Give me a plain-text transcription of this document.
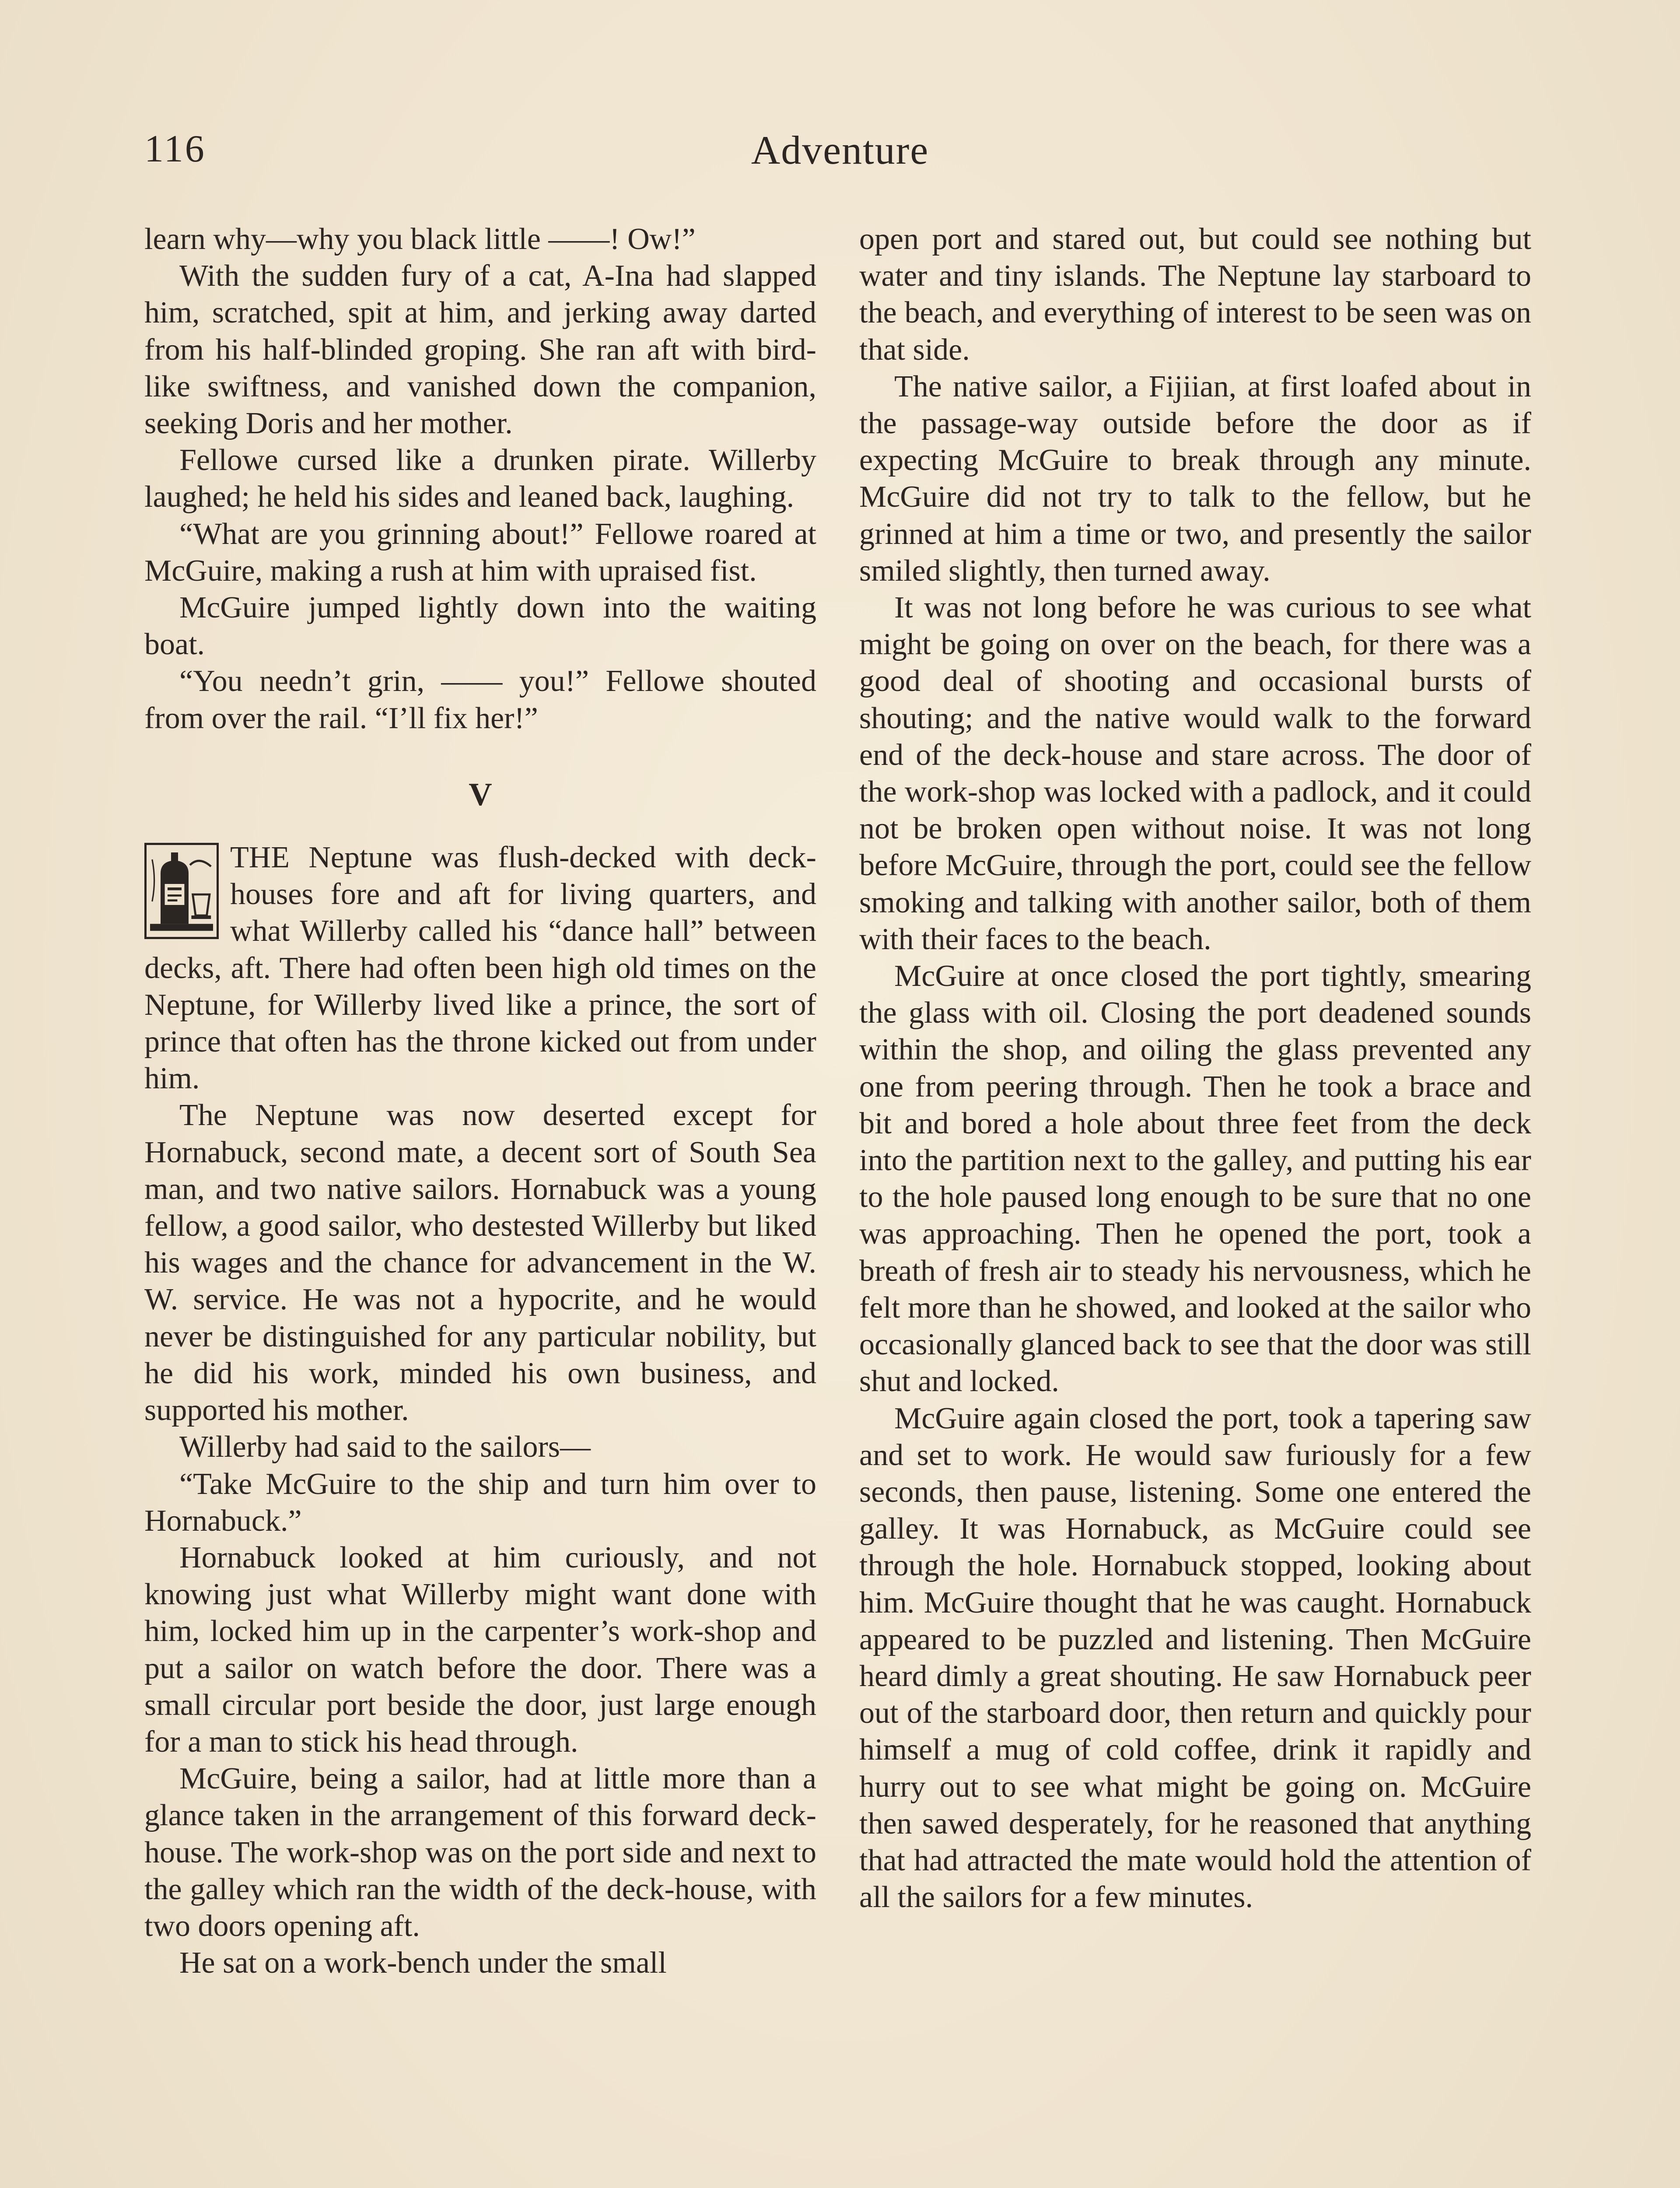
116	Adventure

learn why—why you black little ——! Ow!”

With the sudden fury of a cat, A-Ina had slapped him, scratched, spit at him, and jerking away darted from his half-blinded groping. She ran aft with bird-like swiftness, and vanished down the companion, seeking Doris and her mother.

Fellowe cursed like a drunken pirate. Willerby laughed; he held his sides and leaned back, laughing.

“What are you grinning about!” Fellowe roared at McGuire, making a rush at him with upraised fist.

McGuire jumped lightly down into the waiting boat.

“You needn’t grin, —— you!” Fellowe shouted from over the rail. “I’ll fix her!”

V

THE Neptune was flush-decked with deck-houses fore and aft for living quarters, and what Willerby called his “dance hall” between decks, aft. There had often been high old times on the Neptune, for Willerby lived like a prince, the sort of prince that often has the throne kicked out from under him.

The Neptune was now deserted except for Hornabuck, second mate, a decent sort of South Sea man, and two native sailors. Hornabuck was a young fellow, a good sailor, who destested Willerby but liked his wages and the chance for advancement in the W. W. service. He was not a hypocrite, and he would never be distinguished for any particular nobility, but he did his work, minded his own business, and supported his mother.

Willerby had said to the sailors—

“Take McGuire to the ship and turn him over to Hornabuck.”

Hornabuck looked at him curiously, and not knowing just what Willerby might want done with him, locked him up in the carpenter’s work-shop and put a sailor on watch before the door. There was a small circular port beside the door, just large enough for a man to stick his head through.

McGuire, being a sailor, had at little more than a glance taken in the arrangement of this forward deck-house. The work-shop was on the port side and next to the galley which ran the width of the deck-house, with two doors opening aft.

He sat on a work-bench under the small

open port and stared out, but could see nothing but water and tiny islands. The Neptune lay starboard to the beach, and everything of interest to be seen was on that side.

The native sailor, a Fijiian, at first loafed about in the passage-way outside before the door as if expecting McGuire to break through any minute. McGuire did not try to talk to the fellow, but he grinned at him a time or two, and presently the sailor smiled slightly, then turned away.

It was not long before he was curious to see what might be going on over on the beach, for there was a good deal of shooting and occasional bursts of shouting; and the native would walk to the forward end of the deck-house and stare across. The door of the work-shop was locked with a padlock, and it could not be broken open without noise. It was not long before McGuire, through the port, could see the fellow smoking and talking with another sailor, both of them with their faces to the beach.

McGuire at once closed the port tightly, smearing the glass with oil. Closing the port deadened sounds within the shop, and oiling the glass prevented any one from peering through. Then he took a brace and bit and bored a hole about three feet from the deck into the partition next to the galley, and putting his ear to the hole paused long enough to be sure that no one was approaching. Then he opened the port, took a breath of fresh air to steady his nervousness, which he felt more than he showed, and looked at the sailor who occasionally glanced back to see that the door was still shut and locked.

McGuire again closed the port, took a tapering saw and set to work. He would saw furiously for a few seconds, then pause, listening. Some one entered the galley. It was Hornabuck, as McGuire could see through the hole. Hornabuck stopped, looking about him. McGuire thought that he was caught. Hornabuck appeared to be puzzled and listening. Then McGuire heard dimly a great shouting. He saw Hornabuck peer out of the starboard door, then return and quickly pour himself a mug of cold coffee, drink it rapidly and hurry out to see what might be going on. McGuire then sawed desperately, for he reasoned that anything that had attracted the mate would hold the attention of all the sailors for a few minutes.
